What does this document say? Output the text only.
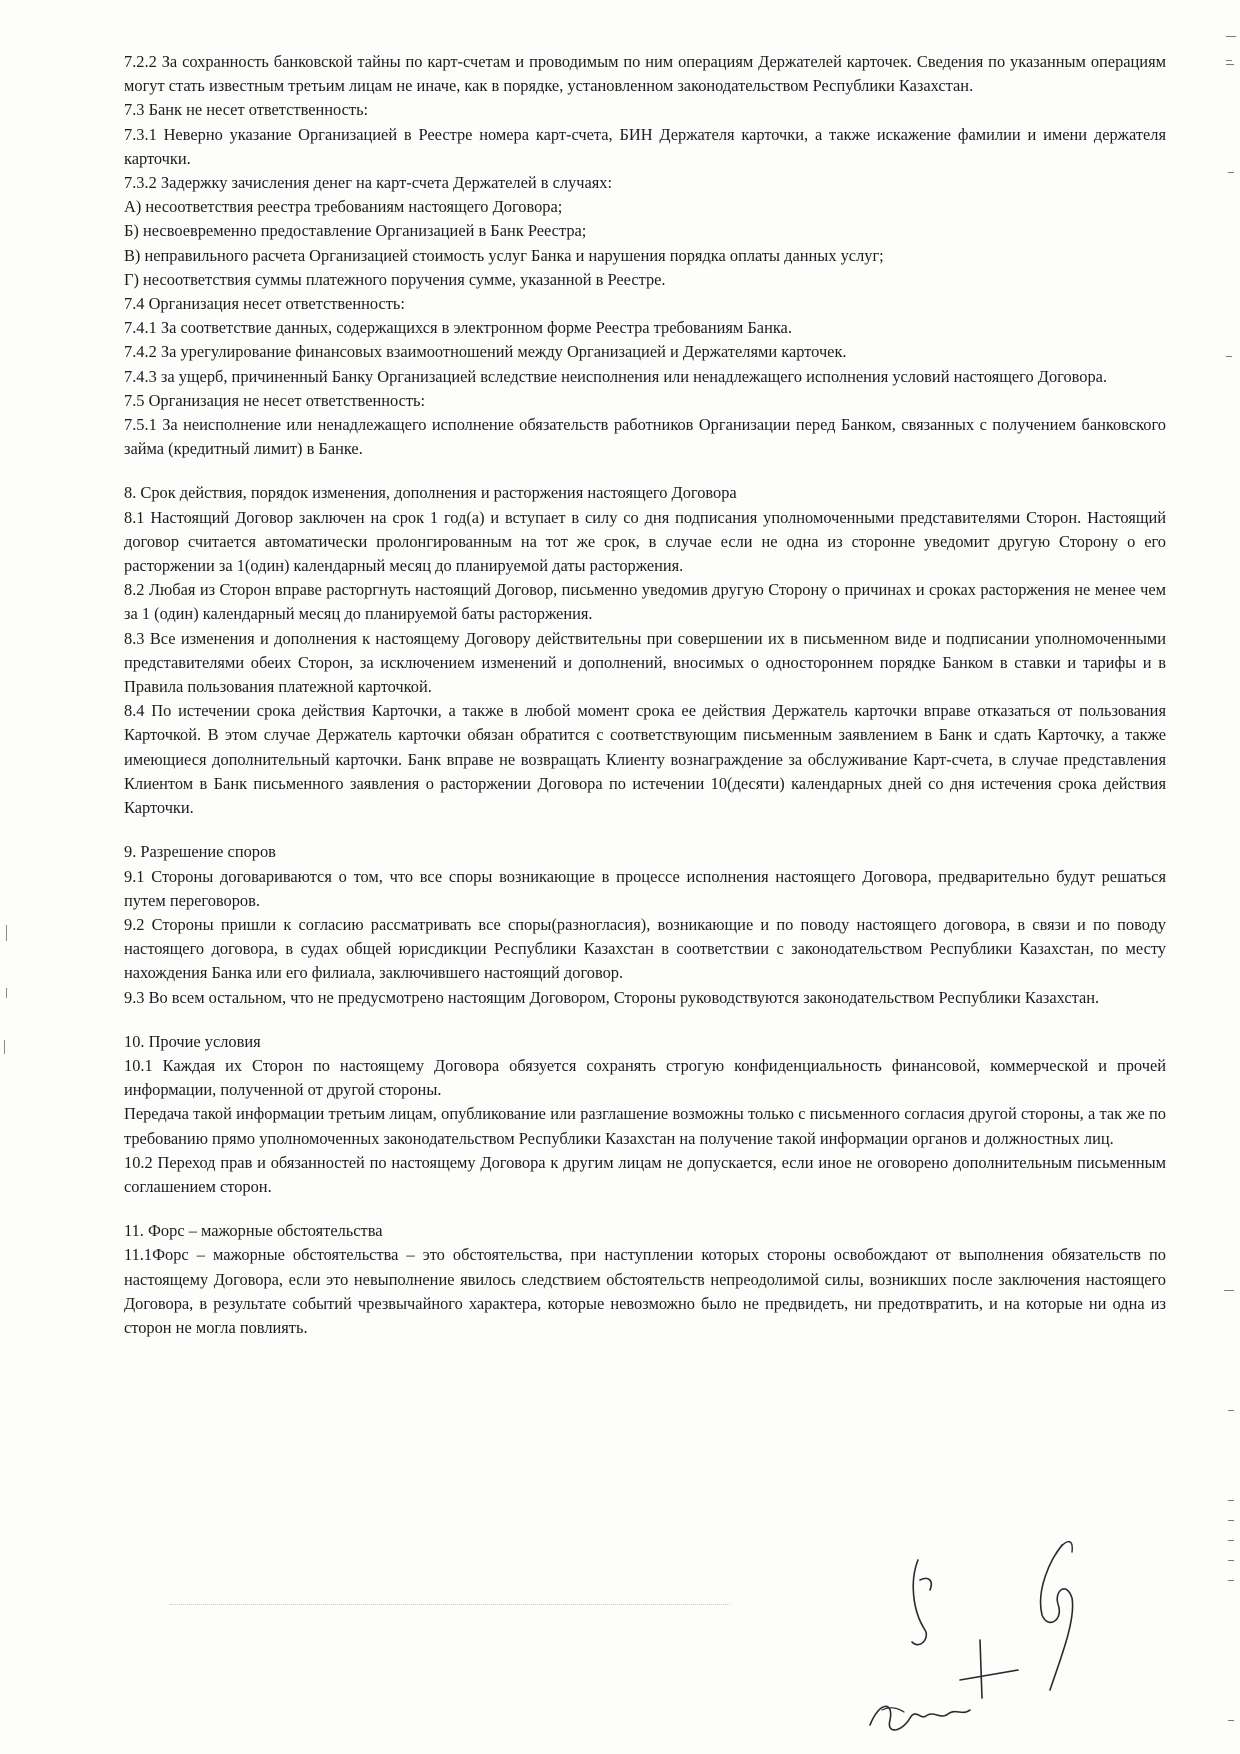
7.2.2 За сохранность банковской тайны по карт-счетам и проводимым по ним операциям Держателей карточек. Сведения по указанным операциям могут стать известным третьим лицам не иначе, как в порядке, установленном законодательством Республики Казахстан.

7.3 Банк не несет ответственность:

7.3.1 Неверно указание Организацией в Реестре номера карт-счета, БИН Держателя карточки, а также искажение фамилии и имени держателя карточки.

7.3.2 Задержку зачисления денег на карт-счета Держателей в случаях:

А) несоответствия реестра требованиям настоящего Договора;

Б) несвоевременно предоставление Организацией в Банк Реестра;

В) неправильного расчета Организацией стоимость услуг Банка и нарушения порядка оплаты данных услуг;

Г) несоответствия суммы платежного поручения сумме, указанной в Реестре.

7.4 Организация несет ответственность:

7.4.1 За соответствие данных, содержащихся в электронном форме Реестра требованиям Банка.

7.4.2 За урегулирование финансовых взаимоотношений между Организацией и Держателями карточек.

7.4.3 за ущерб, причиненный Банку Организацией вследствие неисполнения или ненадлежащего исполнения условий настоящего Договора.

7.5 Организация не несет ответственность:

7.5.1 За неисполнение или ненадлежащего исполнение обязательств работников Организации перед Банком, связанных с получением банковского займа (кредитный лимит) в Банке.

8. Срок действия, порядок изменения, дополнения и расторжения настоящего Договора

8.1 Настоящий Договор заключен на срок 1 год(а) и вступает в силу со дня подписания уполномоченными представителями Сторон. Настоящий договор считается автоматически пролонгированным на тот же срок, в случае если не одна из сторонне уведомит другую Сторону о его расторжении за 1(один) календарный месяц до планируемой даты расторжения.

8.2 Любая из Сторон вправе расторгнуть настоящий Договор, письменно уведомив другую Сторону о причинах и сроках расторжения не менее чем за 1 (один) календарный месяц до планируемой баты расторжения.

8.3 Все изменения и дополнения к настоящему Договору действительны при совершении их в письменном виде и подписании уполномоченными представителями обеих Сторон, за исключением изменений и дополнений, вносимых о одностороннем порядке Банком в ставки и тарифы и в Правила пользования платежной карточкой.

8.4 По истечении срока действия Карточки, а также в любой момент срока ее действия Держатель карточки вправе отказаться от пользования Карточкой. В этом случае Держатель карточки обязан обратится с соответствующим письменным заявлением в Банк и сдать Карточку, а также имеющиеся дополнительный карточки. Банк вправе не возвращать Клиенту вознаграждение за обслуживание Карт-счета, в случае представления Клиентом в Банк письменного заявления о расторжении Договора по истечении 10(десяти) календарных дней со дня истечения срока действия Карточки.

9. Разрешение споров

9.1 Стороны договариваются о том, что все споры возникающие в процессе исполнения настоящего Договора, предварительно будут решаться путем переговоров.

9.2 Стороны пришли к согласию рассматривать все споры(разногласия), возникающие и по поводу настоящего договора, в связи и по поводу настоящего договора, в судах общей юрисдикции Республики Казахстан в соответствии с законодательством Республики Казахстан, по месту нахождения Банка или его филиала, заключившего настоящий договор.

9.3 Во всем остальном, что не предусмотрено настоящим Договором, Стороны руководствуются законодательством Республики Казахстан.

10. Прочие условия

10.1 Каждая их Сторон по настоящему Договора обязуется сохранять строгую конфиденциальность финансовой, коммерческой и прочей информации, полученной от другой стороны.

Передача такой информации третьим лицам, опубликование или разглашение возможны только с письменного согласия другой стороны, а так же по требованию прямо уполномоченных законодательством Республики Казахстан на получение такой информации органов и должностных лиц.

10.2 Переход прав и обязанностей по настоящему Договора к другим лицам не допускается, если иное не оговорено дополнительным письменным соглашением сторон.

11. Форс – мажорные обстоятельства

11.1Форс – мажорные обстоятельства – это обстоятельства, при наступлении которых стороны освобождают от выполнения обязательств по настоящему Договора, если это невыполнение явилось следствием обстоятельств непреодолимой силы, возникших после заключения настоящего Договора, в результате событий чрезвычайного характера, которые невозможно было не предвидеть, ни предотвратить, и на которые ни одна из сторон не могла повлиять.
